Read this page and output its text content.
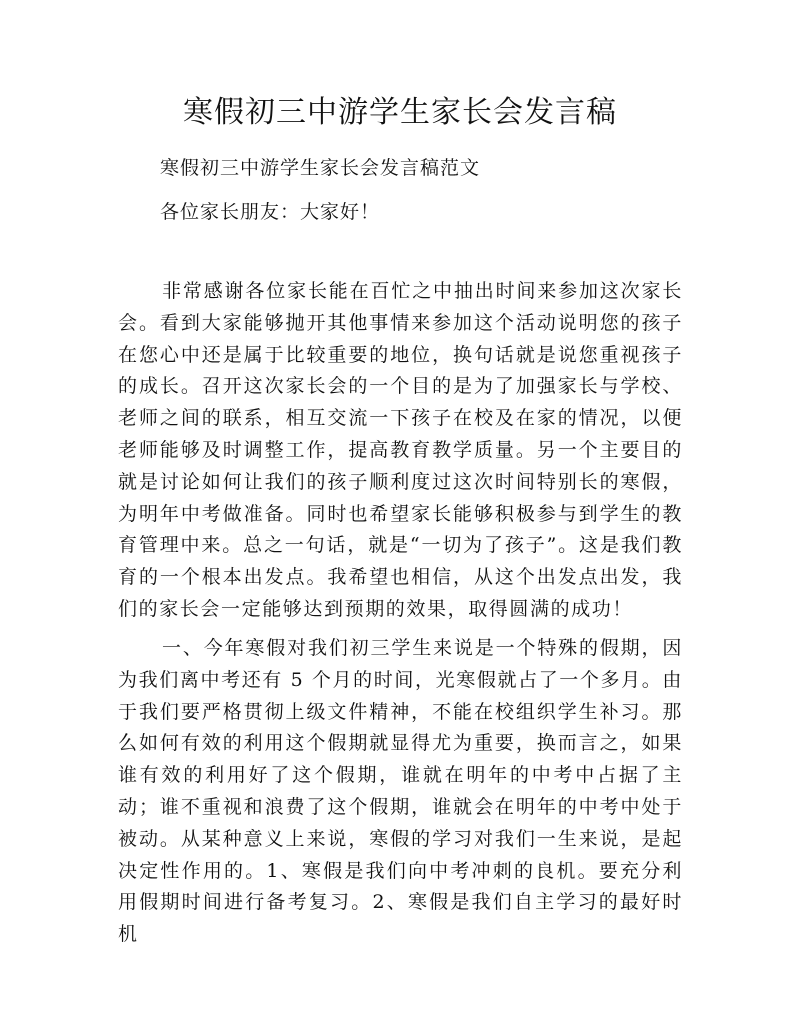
寒假初三中游学生家长会发言稿

寒假初三中游学生家长会发言稿范文

各位家长朋友：大家好！

非常感谢各位家长能在百忙之中抽出时间来参加这次家长会。看到大家能够抛开其他事情来参加这个活动说明您的孩子在您心中还是属于比较重要的地位，换句话就是说您重视孩子的成长。召开这次家长会的一个目的是为了加强家长与学校、老师之间的联系，相互交流一下孩子在校及在家的情况，以便老师能够及时调整工作，提高教育教学质量。另一个主要目的就是讨论如何让我们的孩子顺利度过这次时间特别长的寒假，为明年中考做准备。同时也希望家长能够积极参与到学生的教育管理中来。总之一句话，就是“一切为了孩子”。这是我们教育的一个根本出发点。我希望也相信，从这个出发点出发，我们的家长会一定能够达到预期的效果，取得圆满的成功！

一、今年寒假对我们初三学生来说是一个特殊的假期，因为我们离中考还有 5 个月的时间，光寒假就占了一个多月。由于我们要严格贯彻上级文件精神，不能在校组织学生补习。那么如何有效的利用这个假期就显得尤为重要，换而言之，如果谁有效的利用好了这个假期，谁就在明年的中考中占据了主动；谁不重视和浪费了这个假期，谁就会在明年的中考中处于被动。从某种意义上来说，寒假的学习对我们一生来说，是起决定性作用的。1、寒假是我们向中考冲刺的良机。要充分利用假期时间进行备考复习。2、寒假是我们自主学习的最好时机
